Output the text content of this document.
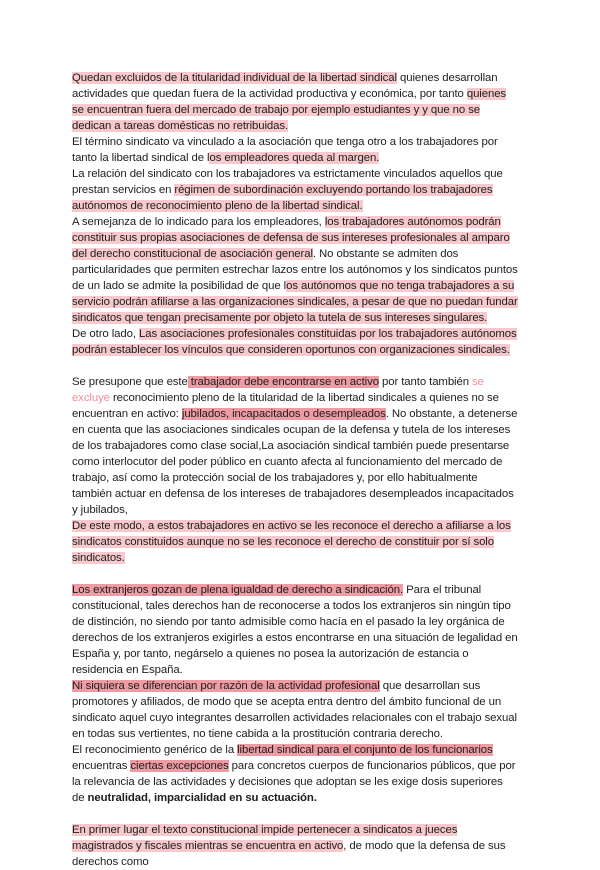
Quedan excluidos de la titularidad individual de la libertad sindical quienes desarrollan actividades que quedan fuera de la actividad productiva y económica, por tanto quienes se encuentran fuera del mercado de trabajo por ejemplo estudiantes y y que no se dedican a tareas domésticas no retribuidas.

El término sindicato va vinculado a la asociación que tenga otro a los trabajadores por tanto la libertad sindical de los empleadores queda al margen.

La relación del sindicato con los trabajadores va estrictamente vinculados aquellos que prestan servicios en régimen de subordinación excluyendo portando los trabajadores autónomos de reconocimiento pleno de la libertad sindical.

A semejanza de lo indicado para los empleadores, los trabajadores autónomos podrán constituir sus propias asociaciones de defensa de sus intereses profesionales al amparo del derecho constitucional de asociación general. No obstante se admiten dos particularidades que permiten estrechar lazos entre los autónomos y los sindicatos puntos de un lado se admite la posibilidad de que los autónomos que no tenga trabajadores a su servicio podrán afiliarse a las organizaciones sindicales, a pesar de que no puedan fundar sindicatos que tengan precisamente por objeto la tutela de sus intereses singulares.

De otro lado, Las asociaciones profesionales constituidas por los trabajadores autónomos podrán establecer los vínculos que consideren oportunos con organizaciones sindicales.

Se presupone que este trabajador debe encontrarse en activo por tanto también se excluye reconocimiento pleno de la titularidad de la libertad sindicales a quienes no se encuentran en activo: jubilados, incapacitados o desempleados. No obstante, a detenerse en cuenta que las asociaciones sindicales ocupan de la defensa y tutela de los intereses de los trabajadores como clase social,La asociación sindical también puede presentarse como interlocutor del poder público en cuanto afecta al funcionamiento del mercado de trabajo, así como la protección social de los trabajadores y, por ello habitualmente también actuar en defensa de los intereses de trabajadores desempleados incapacitados y jubilados,

De este modo, a estos trabajadores en activo se les reconoce el derecho a afiliarse a los sindicatos constituidos aunque no se les reconoce el derecho de constituir por sí solo sindicatos.

Los extranjeros gozan de plena igualdad de derecho a sindicación. Para el tribunal constitucional, tales derechos han de reconocerse a todos los extranjeros sin ningún tipo de distinción, no siendo por tanto admisible como hacía en el pasado la ley orgánica de derechos de los extranjeros exigirles a estos encontrarse en una situación de legalidad en España y, por tanto, negárselo a quienes no posea la autorización de estancia o residencia en España.

Ni siquiera se diferencian por razón de la actividad profesional que desarrollan sus promotores y afiliados, de modo que se acepta entra dentro del ámbito funcional de un sindicato aquel cuyo integrantes desarrollen actividades relacionales con el trabajo sexual en todas sus vertientes, no tiene cabida a la prostitución contraria derecho.

El reconocimiento genérico de la libertad sindical para el conjunto de los funcionarios encuentras ciertas excepciones para concretos cuerpos de funcionarios públicos, que por la relevancia de las actividades y decisiones que adoptan se les exige dosis superiores de neutralidad, imparcialidad en su actuación.

En primer lugar el texto constitucional impide pertenecer a sindicatos a jueces magistrados y fiscales mientras se encuentra en activo, de modo que la defensa de sus derechos como
